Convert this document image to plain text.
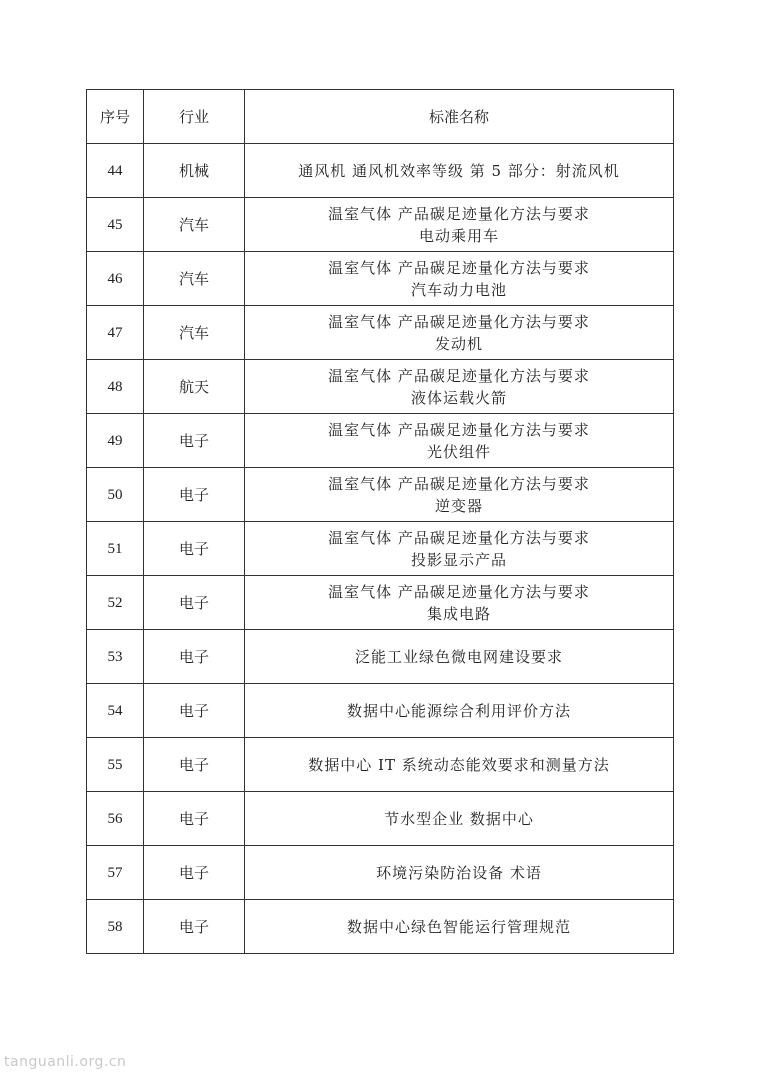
序号	行业	标准名称
44	机械	通风机 通风机效率等级 第 5 部分：射流风机

45	汽车	温室气体 产品碳足迹量化方法与要求
电动乘用车

46	汽车	温室气体 产品碳足迹量化方法与要求
汽车动力电池

47	汽车	温室气体 产品碳足迹量化方法与要求
发动机

48	航天	温室气体 产品碳足迹量化方法与要求
液体运载火箭

49	电子	温室气体 产品碳足迹量化方法与要求
光伏组件

50	电子	温室气体 产品碳足迹量化方法与要求
逆变器

51	电子	温室气体 产品碳足迹量化方法与要求
投影显示产品

52	电子	温室气体 产品碳足迹量化方法与要求
集成电路

53	电子	泛能工业绿色微电网建设要求

54	电子	数据中心能源综合利用评价方法

55	电子	数据中心 IT 系统动态能效要求和测量方法

56	电子	节水型企业 数据中心

57	电子	环境污染防治设备 术语

58	电子	数据中心绿色智能运行管理规范
tanguanli.org.cn
